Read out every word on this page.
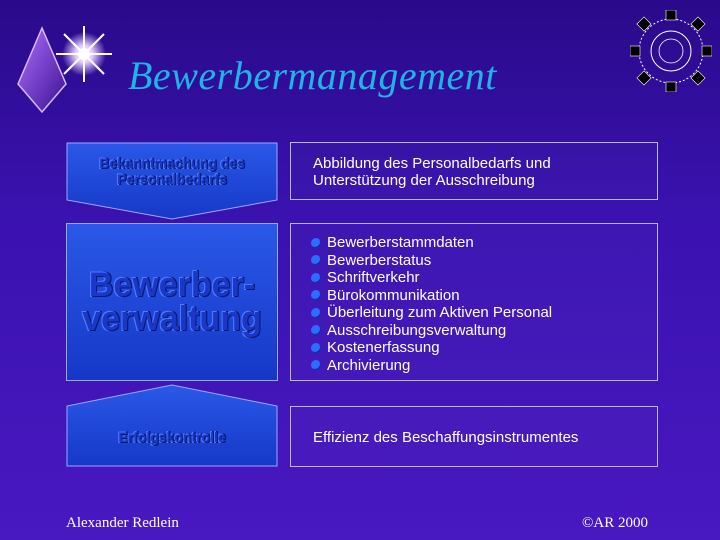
Bewerbermanagement
Bekanntmachung des Personalbedarfs
Abbildung des Personalbedarfs und Unterstützung der Ausschreibung
Bewerber-verwaltung
Bewerberstammdaten
Bewerberstatus
Schriftverkehr
Bürokommunikation
Überleitung zum Aktiven Personal
Ausschreibungsverwaltung
Kostenerfassung
Archivierung
Erfolgskontrolle	Effizienz des Beschaffungsinstrumentes
Alexander Redlein	©AR 2000
